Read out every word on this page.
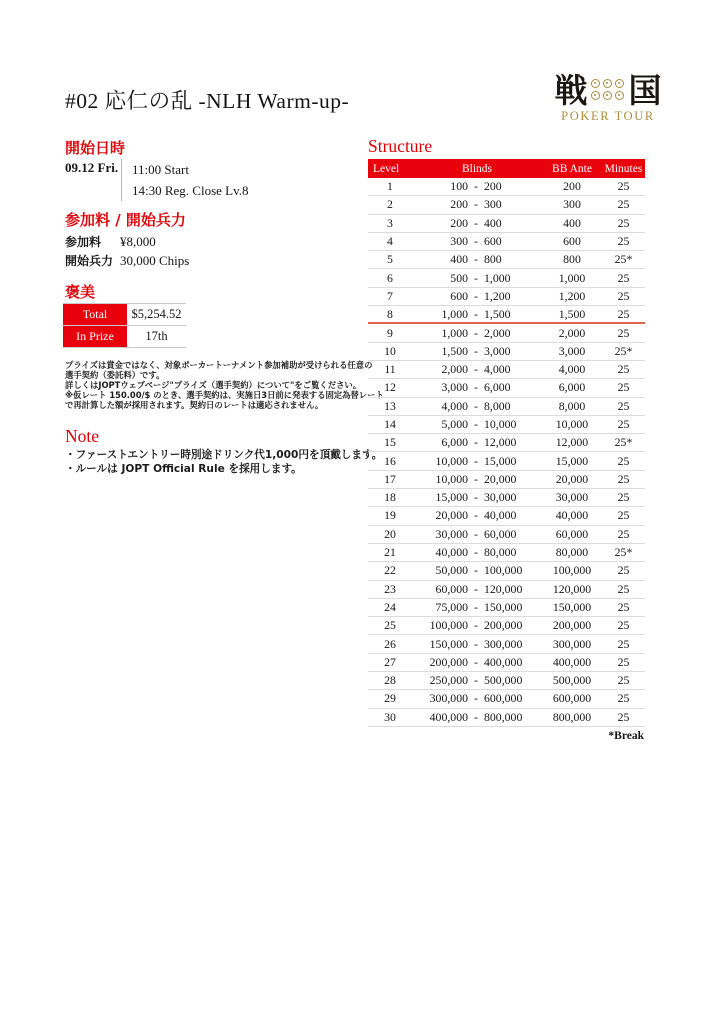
#02 応仁の乱 -NLH Warm-up-	戦 国
POKER TOUR
開始日時
09.12 Fri. 11:00 Start
14:30 Reg. Close Lv.8
参加料 / 開始兵力
参加料	¥8,000
開始兵力 30,000 Chips
褒美
Total	$5,254.52
In Prize	17th
プライズは賞金ではなく、対象ポーカートーナメント参加補助が受けられる任意の
選手契約（委託料）です。
詳しくはJOPTウェブページ"プライズ（選手契約）について"をご覧ください。
※仮レート 150.00/$ のとき、選手契約は、実施日3日前に発表する固定為替レート
で再計算した額が採用されます。契約日のレートは適応されません。
Note
・ファーストエントリー時別途ドリンク代1,000円を頂戴します。
・ルールは JOPT Official Rule を採用します。
Structure
Level	Blinds	BB Ante	Minutes
1	100 - 200	200	25
2	200 - 300	300	25
3	200 - 400	400	25
4	300 - 600	600	25
5	400 - 800	800	25*
6	500 - 1,000	1,000	25
7	600 - 1,200	1,200	25
8	1,000 - 1,500	1,500	25
9	1,000 - 2,000	2,000	25
10	1,500 - 3,000	3,000	25*
11	2,000 - 4,000	4,000	25
12	3,000 - 6,000	6,000	25
13	4,000 - 8,000	8,000	25
14	5,000 - 10,000	10,000	25
15	6,000 - 12,000	12,000	25*
16	10,000 - 15,000	15,000	25
17	10,000 - 20,000	20,000	25
18	15,000 - 30,000	30,000	25
19	20,000 - 40,000	40,000	25
20	30,000 - 60,000	60,000	25
21	40,000 - 80,000	80,000	25*
22	50,000 - 100,000	100,000	25
23	60,000 - 120,000	120,000	25
24	75,000 - 150,000	150,000	25
25	100,000 - 200,000	200,000	25
26	150,000 - 300,000	300,000	25
27	200,000 - 400,000	400,000	25
28	250,000 - 500,000	500,000	25
29	300,000 - 600,000	600,000	25
30	400,000 - 800,000	800,000	25
*Break
